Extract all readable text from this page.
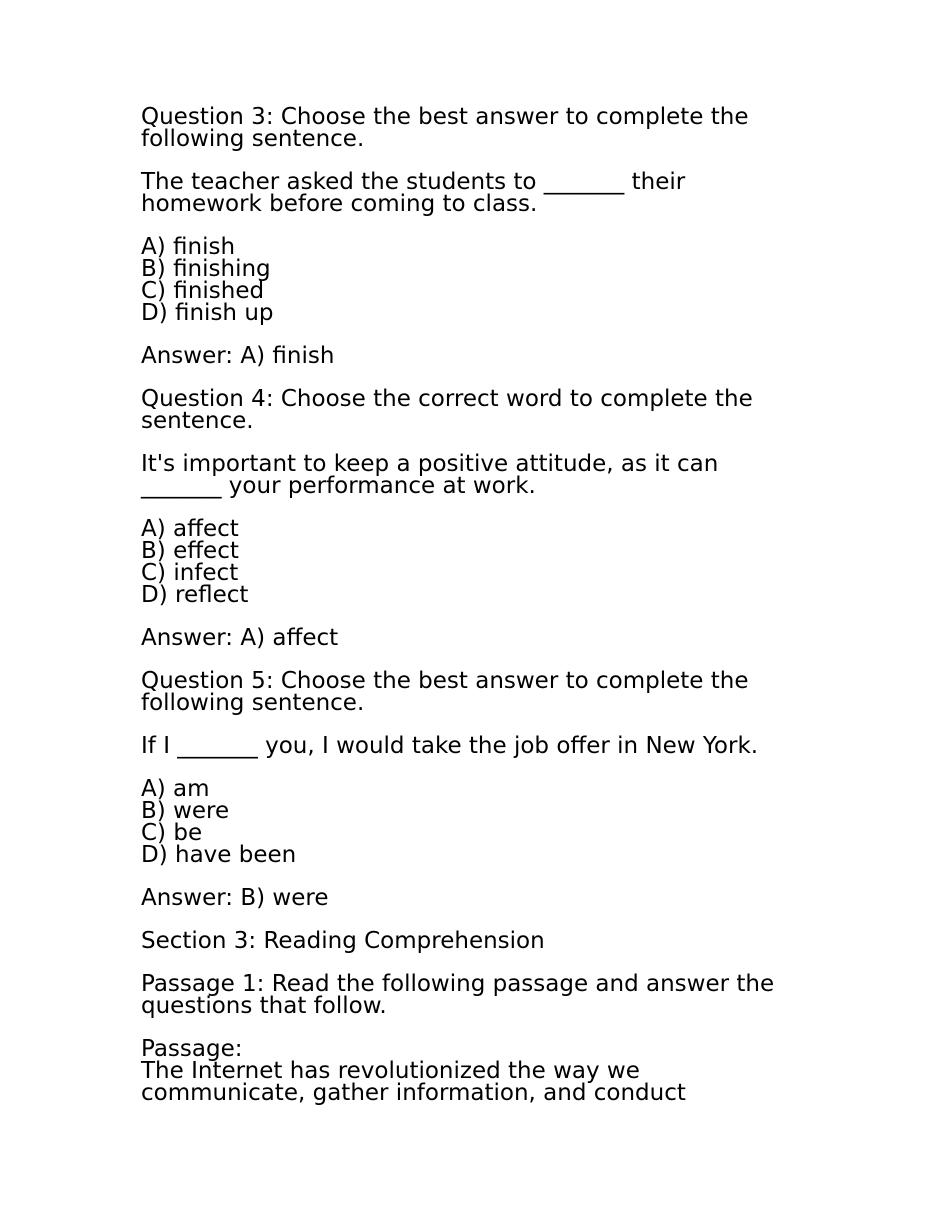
Question 3: Choose the best answer to complete the
following sentence.
The teacher asked the students to _______ their
homework before coming to class.
A) finish
B) finishing
C) finished
D) finish up
Answer: A) finish
Question 4: Choose the correct word to complete the
sentence.
It's important to keep a positive attitude, as it can
_______ your performance at work.
A) affect
B) effect
C) infect
D) reflect
Answer: A) affect
Question 5: Choose the best answer to complete the
following sentence.
If I _______ you, I would take the job offer in New York.
A) am
B) were
C) be
D) have been
Answer: B) were
Section 3: Reading Comprehension
Passage 1: Read the following passage and answer the
questions that follow.
Passage:
The Internet has revolutionized the way we
communicate, gather information, and conduct
